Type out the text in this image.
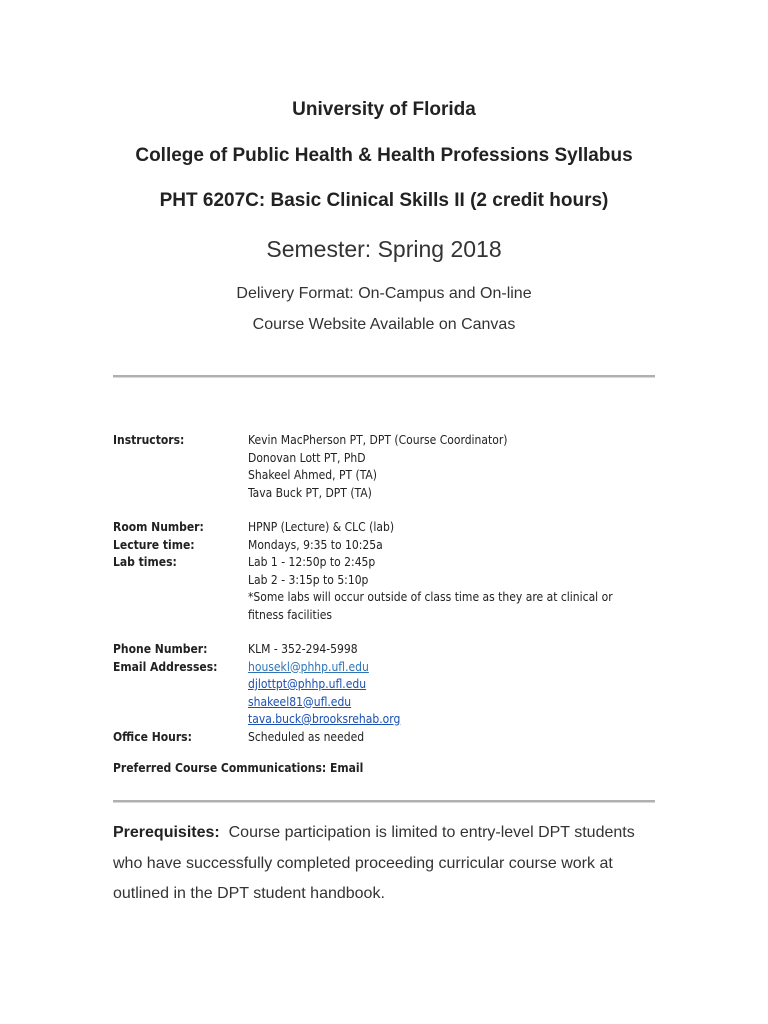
University of Florida
College of Public Health & Health Professions Syllabus
PHT 6207C: Basic Clinical Skills II (2 credit hours)
Semester: Spring 2018
Delivery Format: On-Campus and On-line
Course Website Available on Canvas
Instructors:	Kevin MacPherson PT, DPT (Course Coordinator)
Donovan Lott PT, PhD
Shakeel Ahmed, PT (TA)
Tava Buck PT, DPT (TA)
Room Number:	HPNP (Lecture) & CLC (lab)
Lecture time:	Mondays, 9:35 to 10:25a
Lab times:	Lab 1 - 12:50p to 2:45p
Lab 2 - 3:15p to 5:10p
*Some labs will occur outside of class time as they are at clinical or fitness facilities
Phone Number:	KLM - 352-294-5998
Email Addresses:	housekl@phhp.ufl.edu
djlottpt@phhp.ufl.edu
shakeel81@ufl.edu
tava.buck@brooksrehab.org
Office Hours:	Scheduled as needed
Preferred Course Communications: Email
Prerequisites: Course participation is limited to entry-level DPT students who have successfully completed proceeding curricular course work at outlined in the DPT student handbook.
